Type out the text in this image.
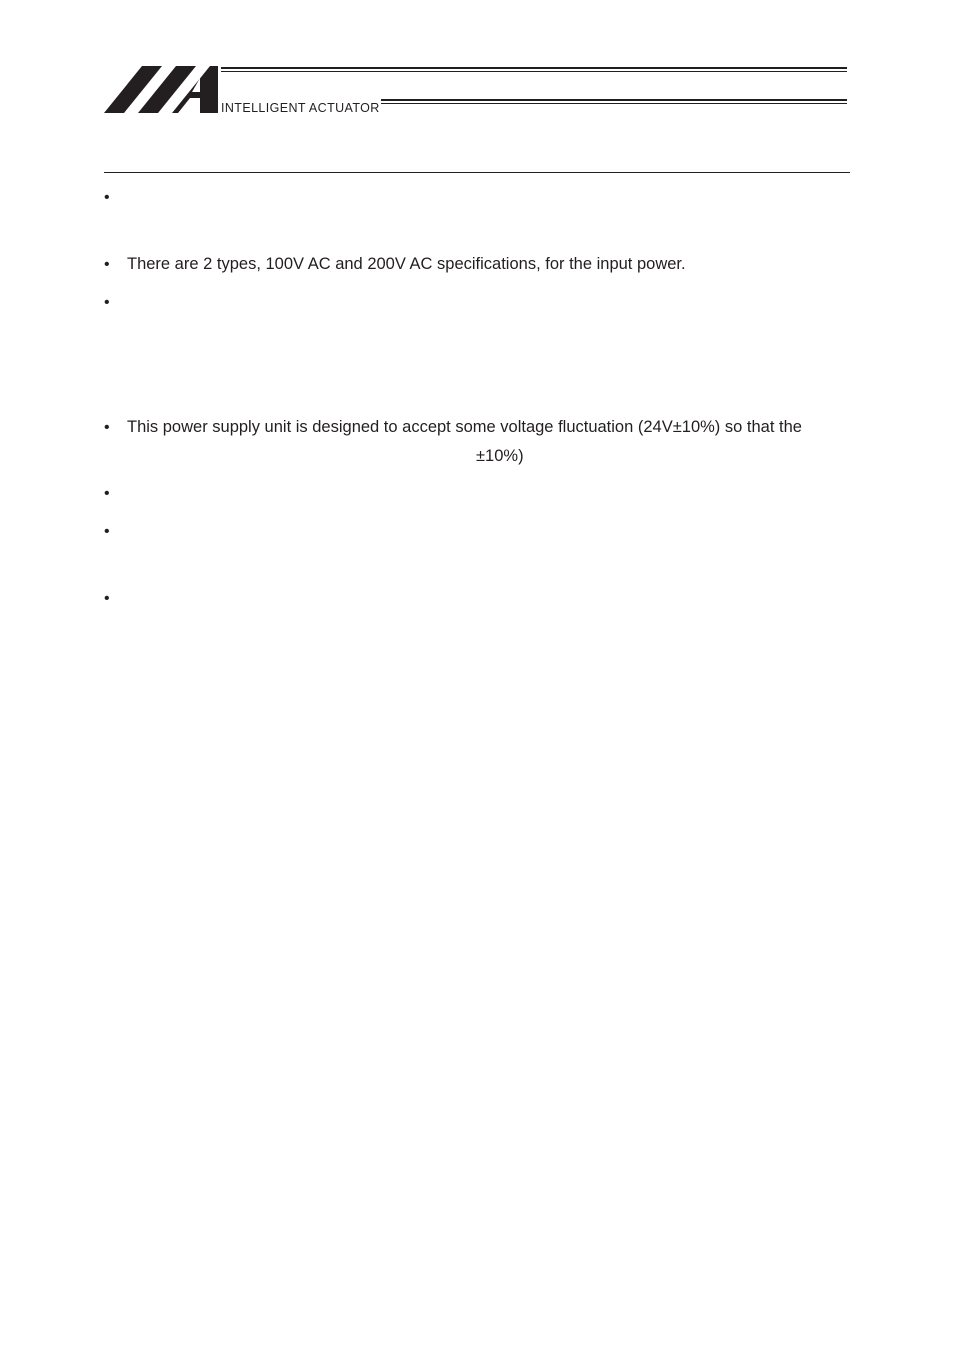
INTELLIGENT ACTUATOR
•
• There are 2 types, 100V AC and 200V AC specifications, for the input power.
•
• This power supply unit is designed to accept some voltage fluctuation (24V±10%) so that the
±10%)
•
•
•
